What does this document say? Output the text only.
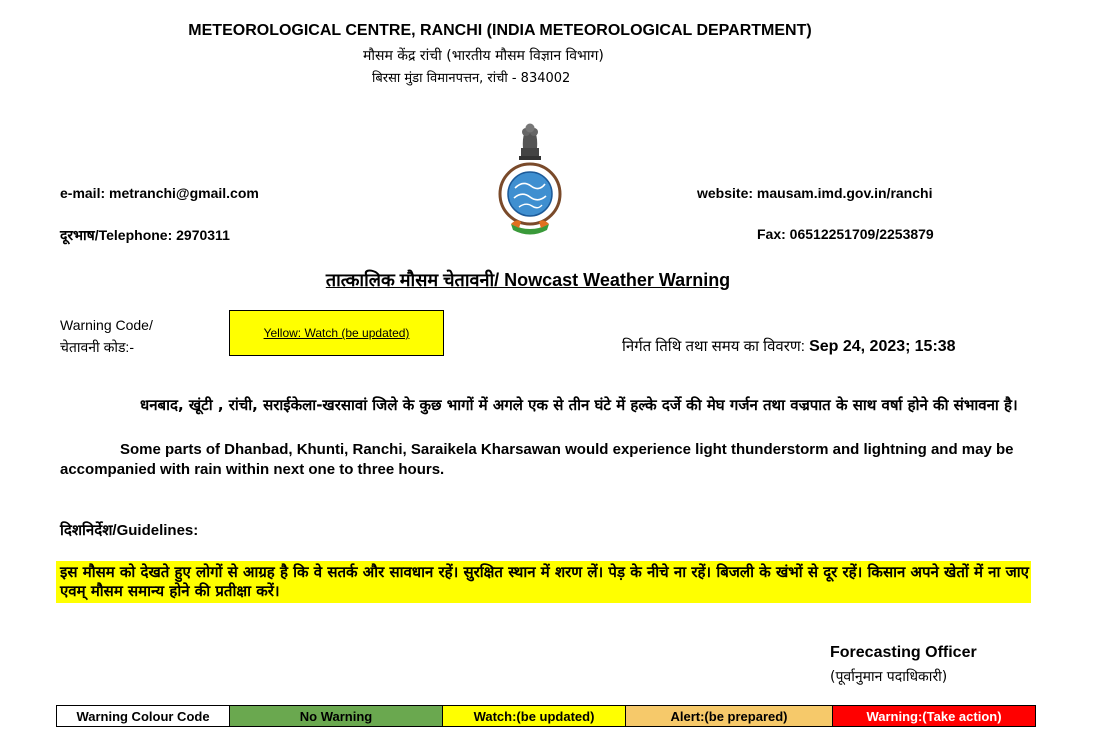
METEOROLOGICAL CENTRE, RANCHI (INDIA METEOROLOGICAL DEPARTMENT)
मौसम केंद्र रांची (भारतीय मौसम विज्ञान विभाग)
बिरसा मुंडा विमानपत्तन, रांची - 834002
e-mail: metranchi@gmail.com	website: mausam.imd.gov.in/ranchi
दूरभाष/Telephone: 2970311	Fax: 06512251709/2253879
तात्कालिक मौसम चेतावनी/ Nowcast Weather Warning
Warning Code/
चेतावनी कोड:-
Yellow: Watch (be updated)
निर्गत तिथि तथा समय का विवरण: Sep 24, 2023; 15:38
धनबाद, खूंटी , रांची, सराईकेला-खरसावां जिले के कुछ भागों में अगले एक से तीन घंटे में हल्के दर्जे की मेघ गर्जन तथा वज्रपात के साथ वर्षा होने की संभावना है।
Some parts of Dhanbad, Khunti, Ranchi, Saraikela Kharsawan would experience light thunderstorm and lightning and may be accompanied with rain within next one to three hours.
दिशनिर्देश/Guidelines:
इस मौसम को देखते हुए लोगों से आग्रह है कि वे सतर्क और सावधान रहें। सुरक्षित स्थान में शरण लें। पेड़ के नीचे ना रहें। बिजली के खंभों से दूर रहें। किसान अपने खेतों में ना जाए एवम् मौसम समान्य होने की प्रतीक्षा करें।
Forecasting Officer
(पूर्वानुमान पदाधिकारी)
Warning Colour Code	No Warning	Watch:(be updated)	Alert:(be prepared)	Warning:(Take action)
